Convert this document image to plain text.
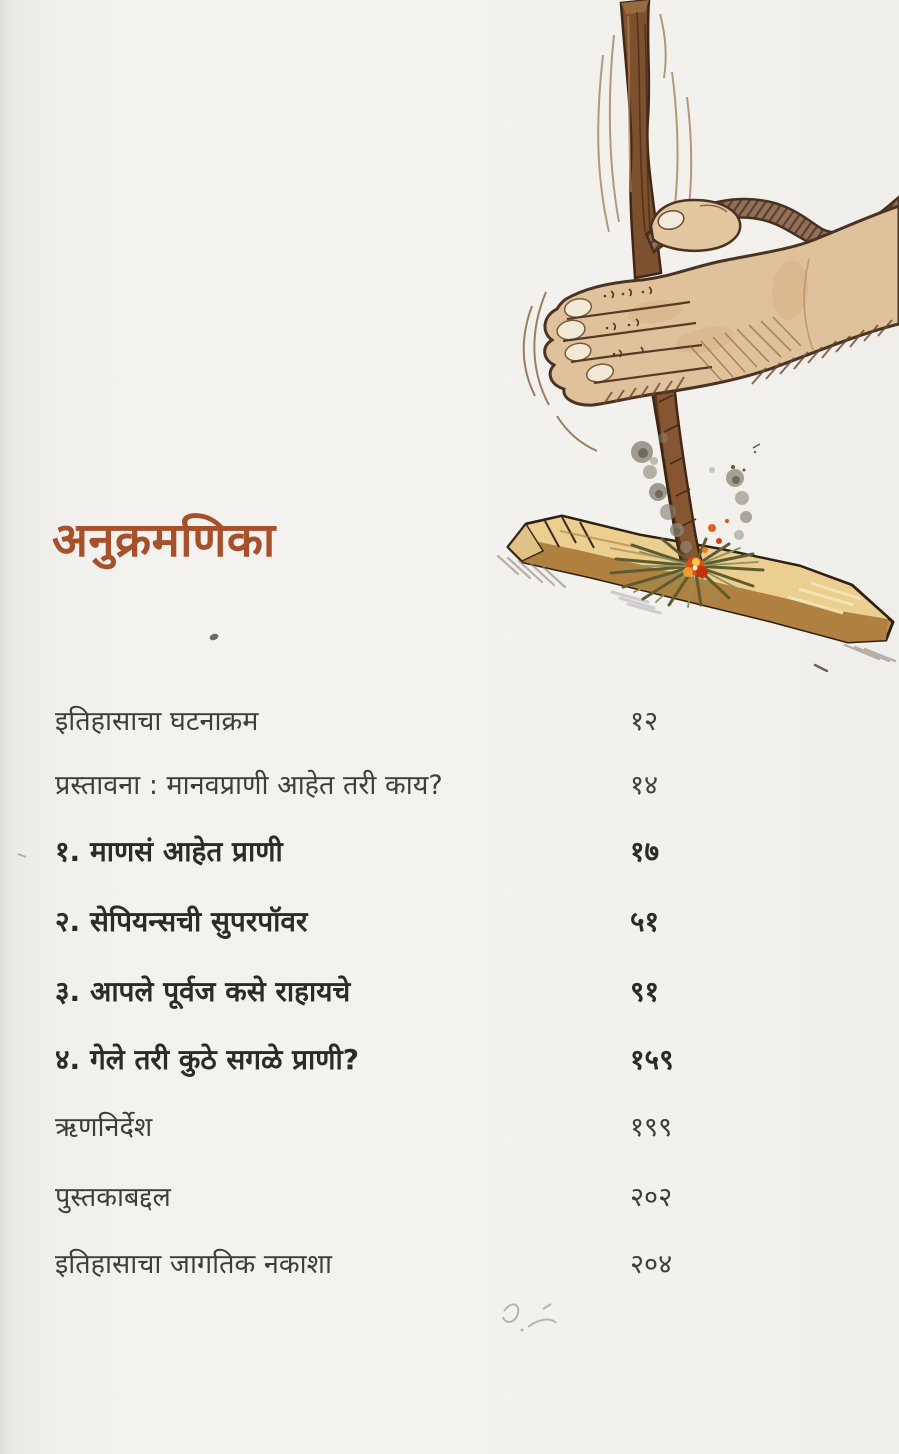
अनुक्रमणिका
इतिहासाचा घटनाक्रम	१२
प्रस्तावना : मानवप्राणी आहेत तरी काय?	१४
१. माणसं आहेत प्राणी	१७
२. सेपियन्सची सुपरपॉवर	५१
३. आपले पूर्वज कसे राहायचे	९१
४. गेले तरी कुठे सगळे प्राणी?	१५९
ऋणनिर्देश	१९९
पुस्तकाबद्दल	२०२
इतिहासाचा जागतिक नकाशा	२०४
